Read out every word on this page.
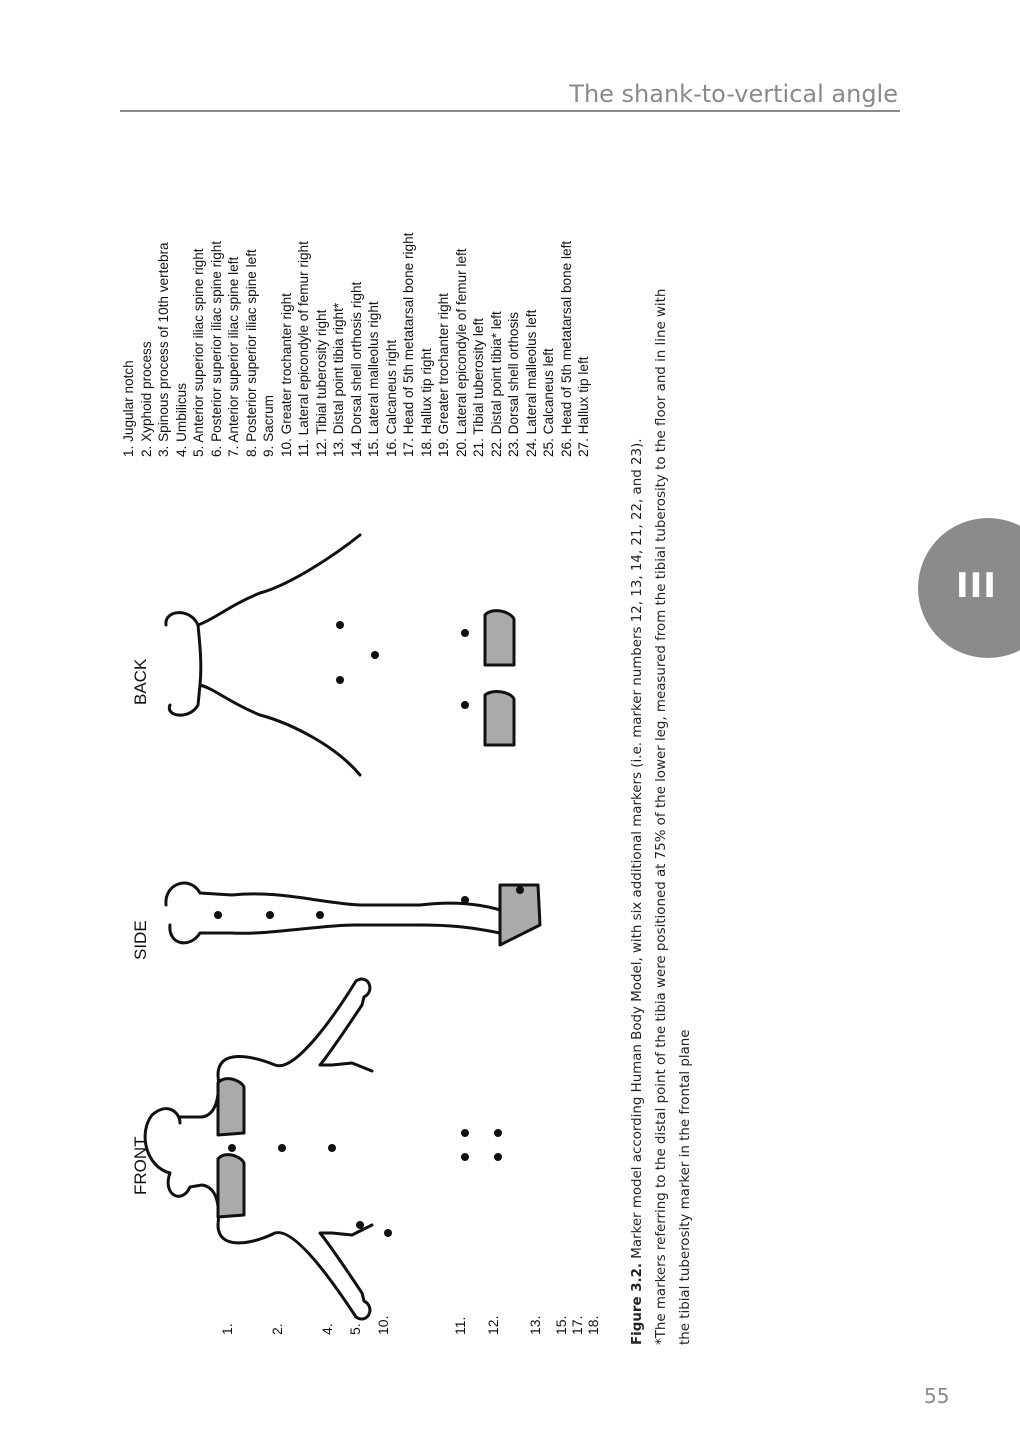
The shank-to-vertical angle
III
55
FRONT
SIDE
BACK
1. 2. 4. 5. 10.	11. 12. 13. 15. 17. 18.
1. Jugular notch 2. Xyphoid process 3. Spinous process of 10th vertebra 4. Umbilicus 5. Anterior superior iliac spine right 6. Posterior superior iliac spine right 7. Anterior superior iliac spine left 8. Posterior superior iliac spine left 9. Sacrum 10. Greater trochanter right 11. Lateral epicondyle of femur right 12. Tibial tuberosity right 13. Distal point tibia right* 14. Dorsal shell orthosis right 15. Lateral malleolus right 16. Calcaneus right 17. Head of 5th metatarsal bone right 18. Hallux tip right 19. Greater trochanter right 20. Lateral epicondyle of femur left 21. Tibial tuberosity left 22. Distal point tibia* left 23. Dorsal shell orthosis 24. Lateral malleolus left 25. Calcaneus left 26. Head of 5th metatarsal bone left 27. Hallux tip left
Figure 3.2. Marker model according Human Body Model, with six additional markers (i.e. marker numbers 12, 13, 14, 21, 22, and 23). *The markers referring to the distal point of the tibia were positioned at 75% of the lower leg, measured from the tibial tuberosity to the floor and in line with the tibial tuberosity marker in the frontal plane
